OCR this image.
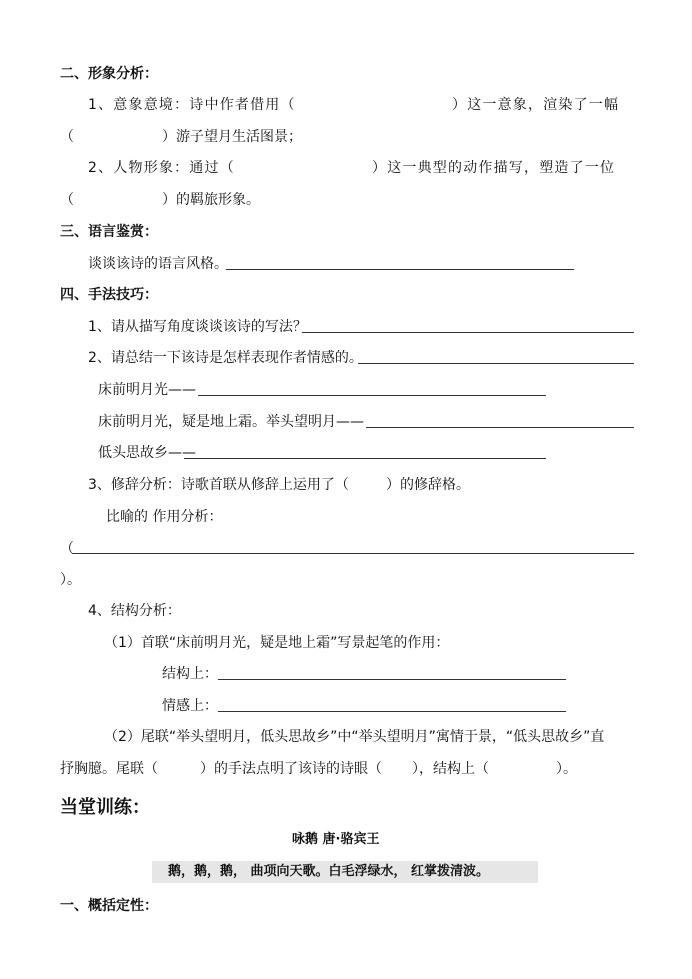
二、形象分析：
1、意象意境：诗中作者借用（	）这一意象，渲染了一幅
（	）游子望月生活图景；
2、人物形象：通过（	）这一典型的动作描写，塑造了一位
（	）的羁旅形象。
三、语言鉴赏：
谈谈该诗的语言风格。
四、手法技巧：
1、请从描写角度谈谈该诗的写法？
2、请总结一下该诗是怎样表现作者情感的。
床前明月光——
床前明月光，疑是地上霜。举头望明月——
低头思故乡——
3、修辞分析：诗歌首联从修辞上运用了（	）的修辞格。
比喻的 作用分析：
（
）。
4、结构分析：
（1）首联“床前明月光，疑是地上霜”写景起笔的作用：
结构上：
情感上：
（2）尾联“举头望明月，低头思故乡”中“举头望明月”寓情于景，“低头思故乡”直
抒胸臆。尾联（	）的手法点明了该诗的诗眼（ ），结构上（	）。
当堂训练：
咏鹅 唐·骆宾王
鹅，鹅，鹅， 曲项向天歌。白毛浮绿水， 红掌拨清波。
一、概括定性：
